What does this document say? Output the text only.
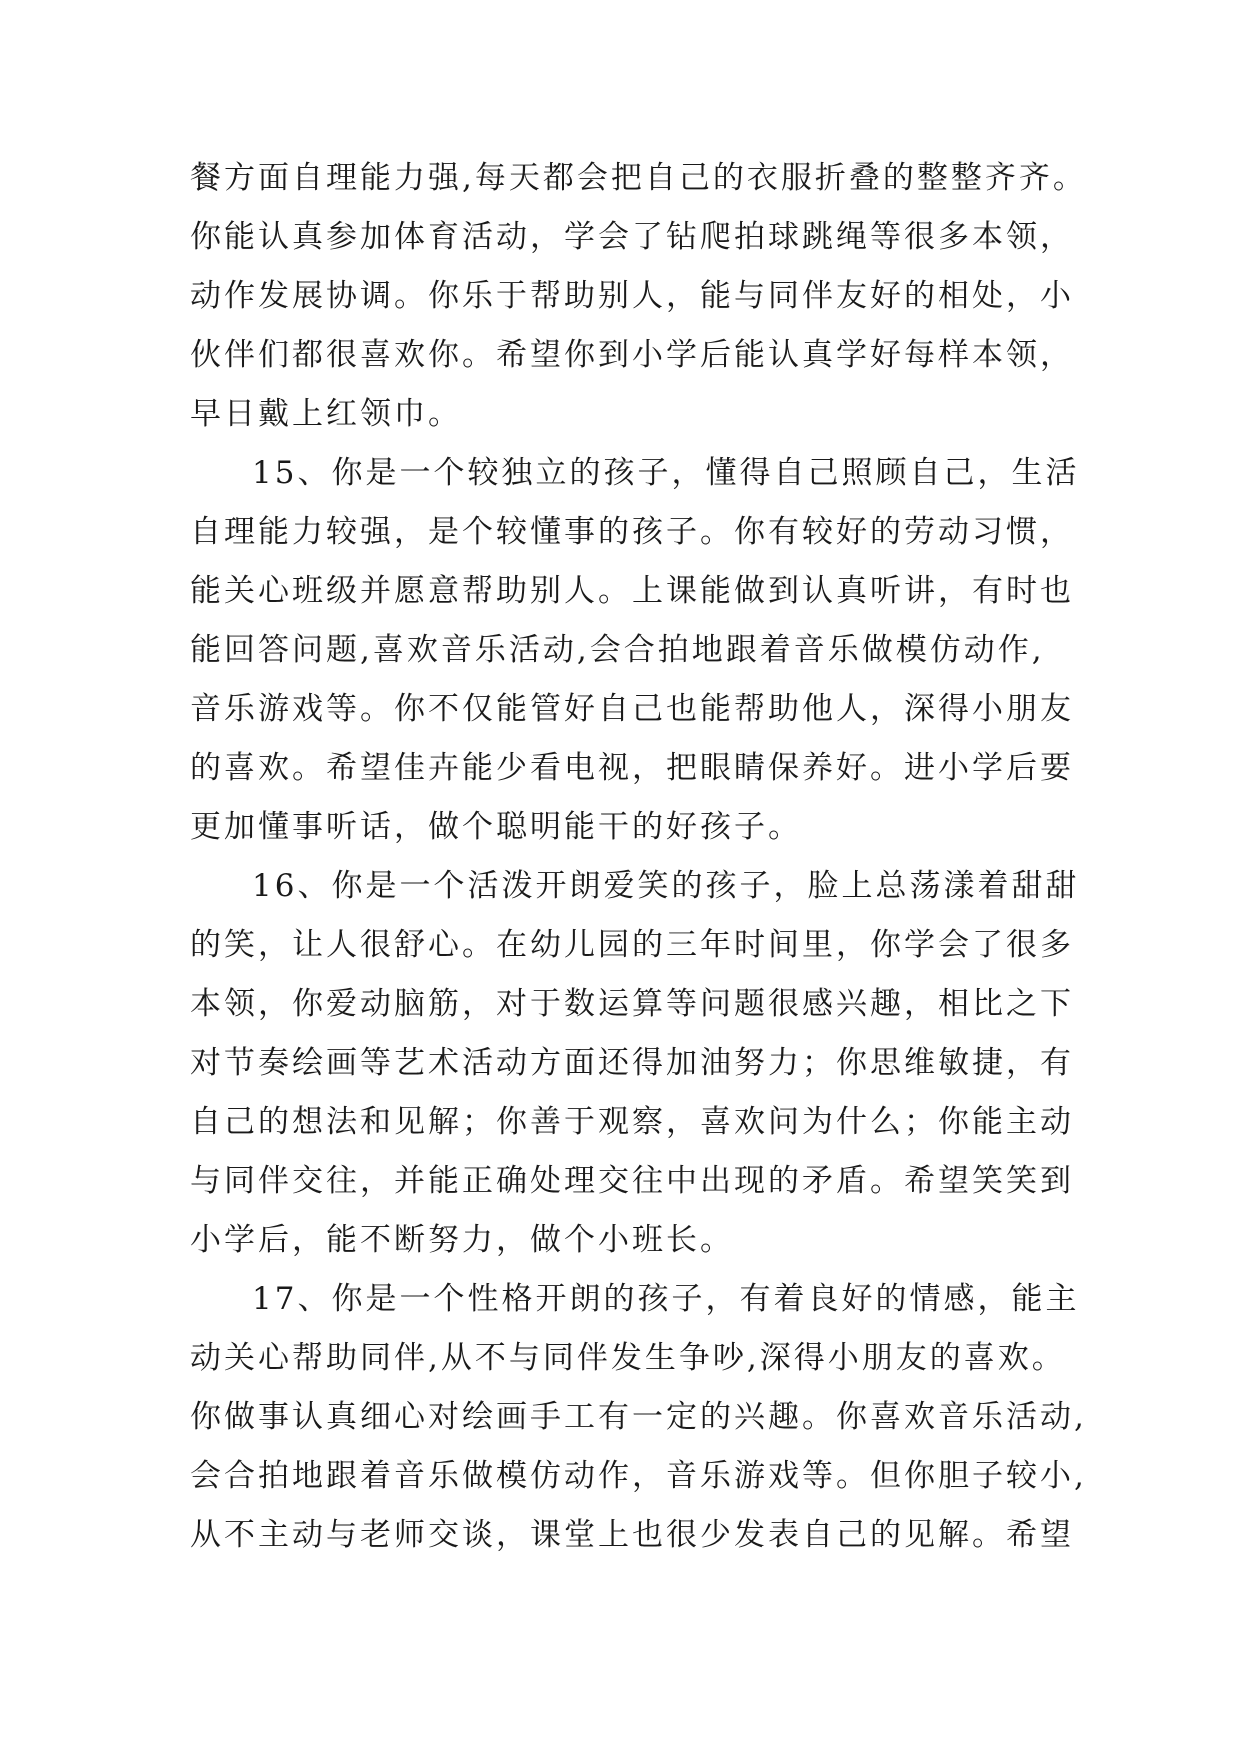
餐方面自理能力强,每天都会把自己的衣服折叠的整整齐齐。
你能认真参加体育活动，学会了钻爬拍球跳绳等很多本领，
动作发展协调。你乐于帮助别人，能与同伴友好的相处，小
伙伴们都很喜欢你。希望你到小学后能认真学好每样本领，
早日戴上红领巾。
15、你是一个较独立的孩子，懂得自己照顾自己，生活
自理能力较强，是个较懂事的孩子。你有较好的劳动习惯，
能关心班级并愿意帮助别人。上课能做到认真听讲，有时也
能回答问题,喜欢音乐活动,会合拍地跟着音乐做模仿动作,
音乐游戏等。你不仅能管好自己也能帮助他人，深得小朋友
的喜欢。希望佳卉能少看电视，把眼睛保养好。进小学后要
更加懂事听话，做个聪明能干的好孩子。
16、你是一个活泼开朗爱笑的孩子，脸上总荡漾着甜甜
的笑，让人很舒心。在幼儿园的三年时间里，你学会了很多
本领，你爱动脑筋，对于数运算等问题很感兴趣，相比之下
对节奏绘画等艺术活动方面还得加油努力；你思维敏捷，有
自己的想法和见解；你善于观察，喜欢问为什么；你能主动
与同伴交往，并能正确处理交往中出现的矛盾。希望笑笑到
小学后，能不断努力，做个小班长。
17、你是一个性格开朗的孩子，有着良好的情感，能主
动关心帮助同伴,从不与同伴发生争吵,深得小朋友的喜欢。
你做事认真细心对绘画手工有一定的兴趣。你喜欢音乐活动,
会合拍地跟着音乐做模仿动作，音乐游戏等。但你胆子较小,
从不主动与老师交谈，课堂上也很少发表自己的见解。希望
